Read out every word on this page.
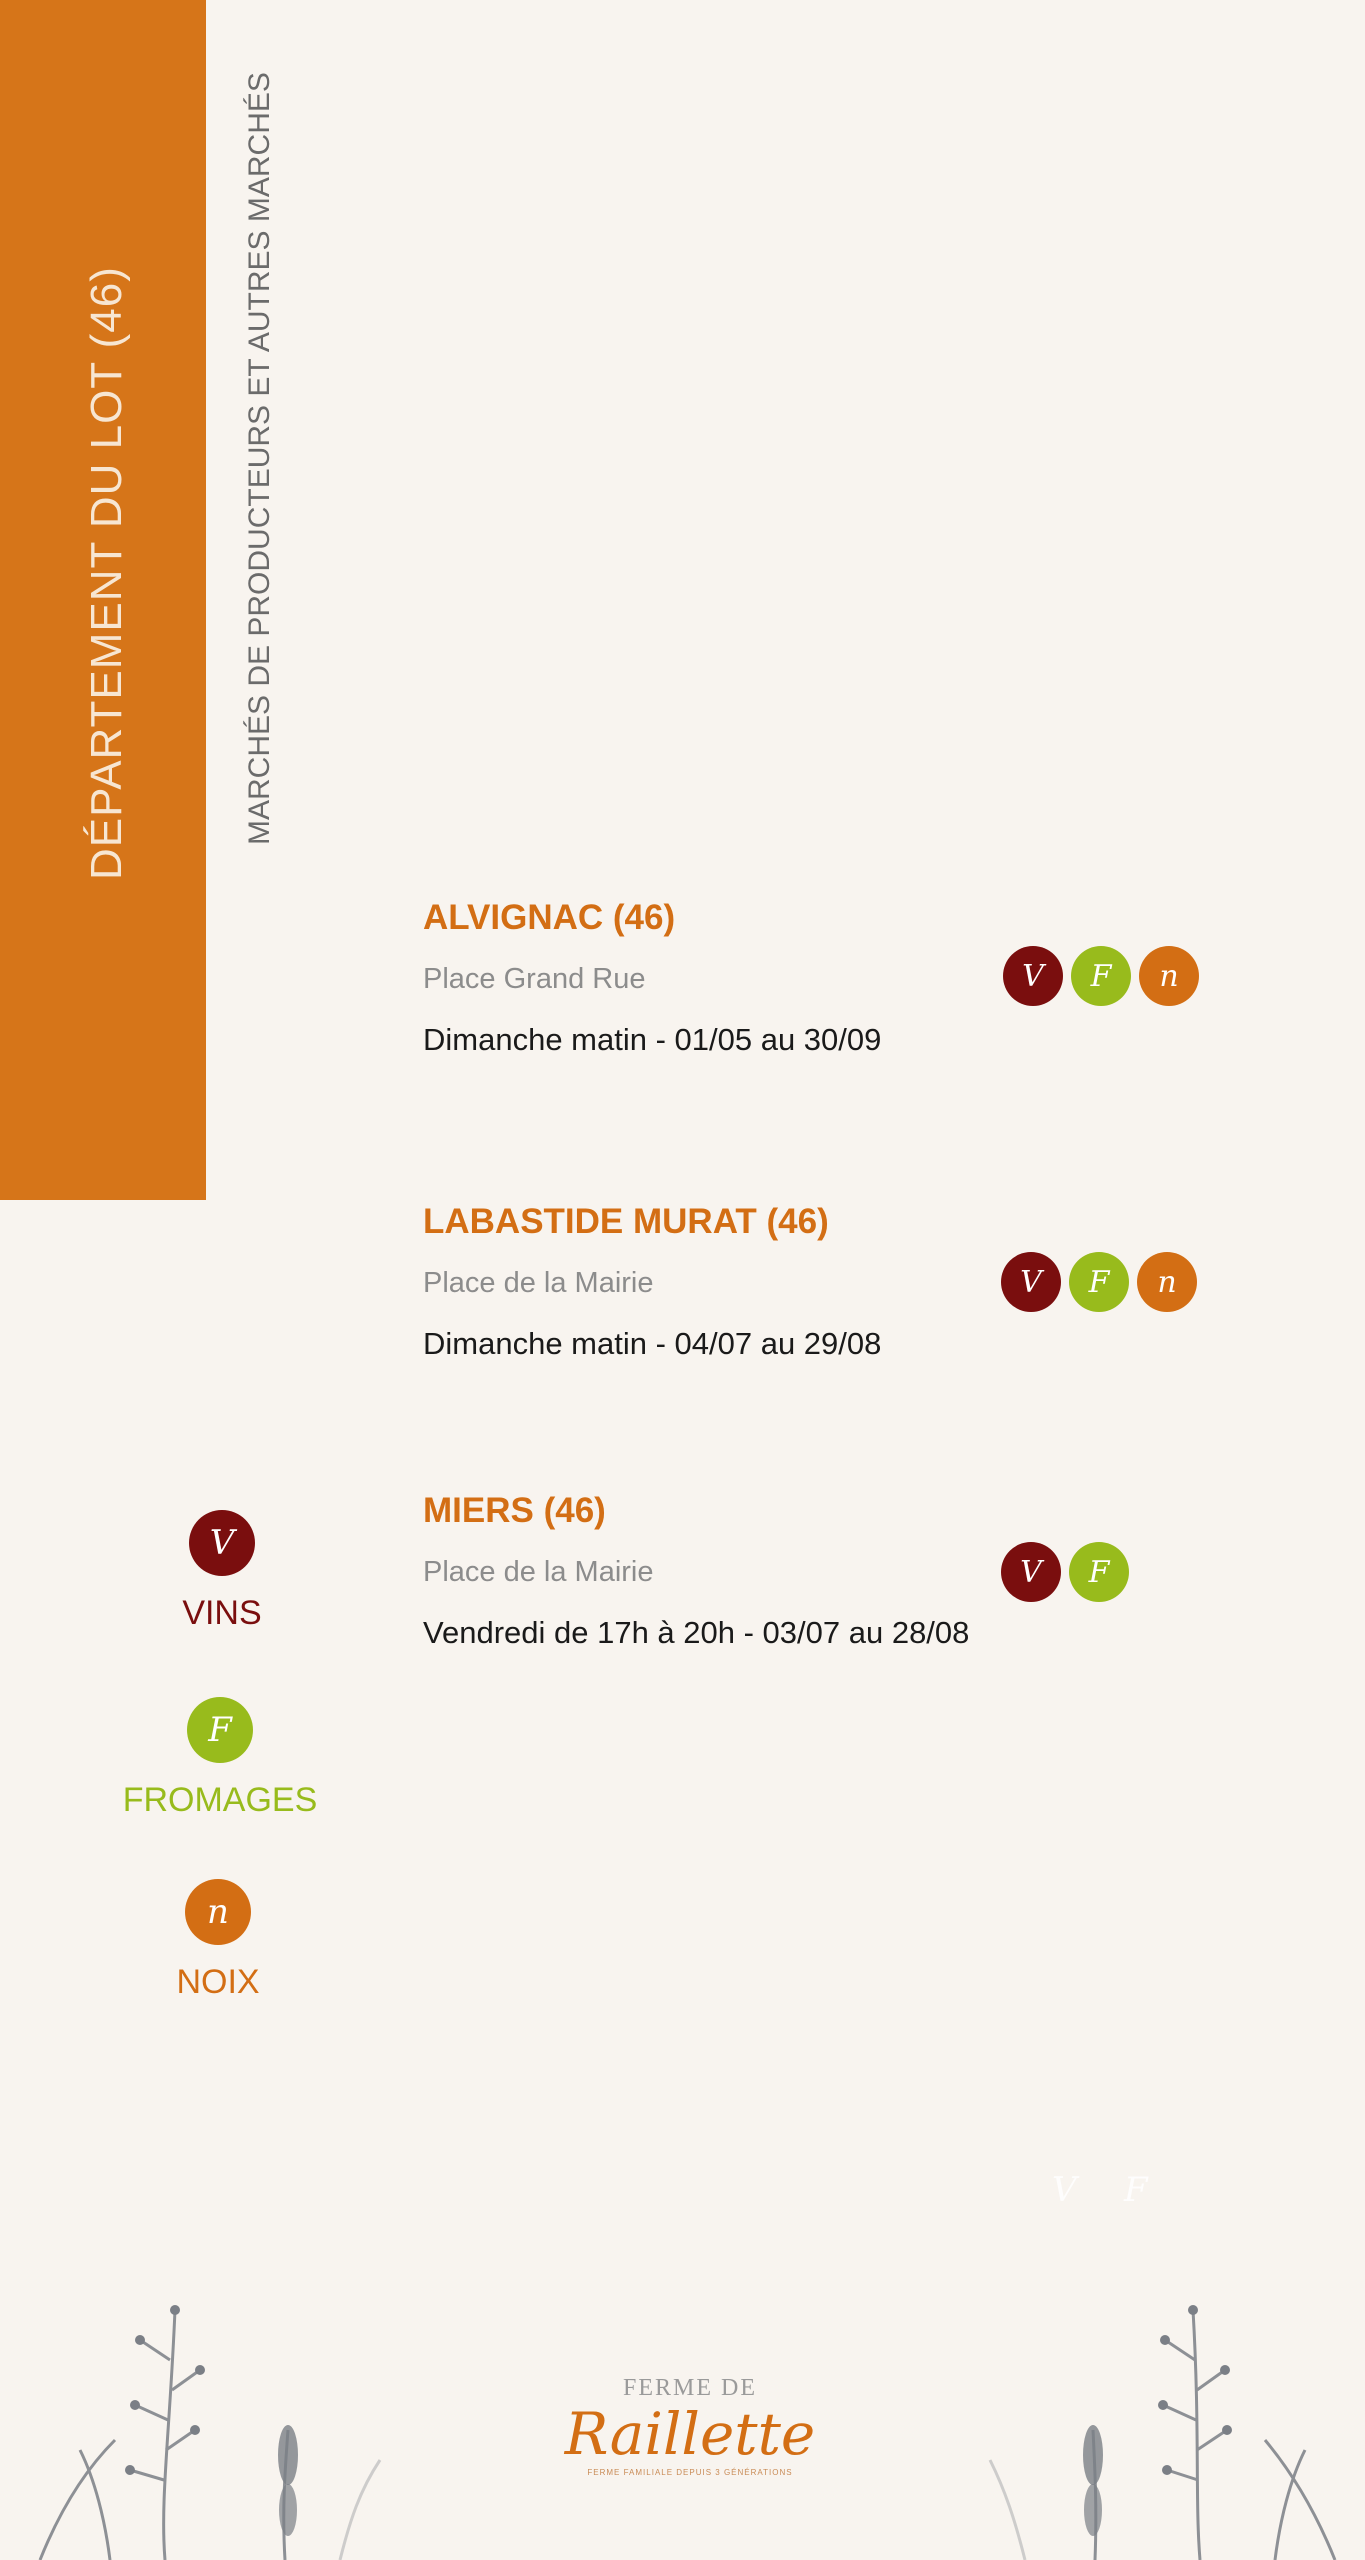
DÉPARTEMENT DU LOT (46)	MARCHÉS DE PRODUCTEURS ET AUTRES MARCHÉS
ALVIGNAC (46)
Place Grand Rue
Dimanche matin - 01/05 au 30/09
V	F	n
LABASTIDE MURAT (46)
Place de la Mairie
Dimanche matin - 04/07 au 29/08
V	F	n
MIERS (46)
Place de la Mairie
Vendredi de 17h à 20h - 03/07 au 28/08
V	F
V
VINS
F
FROMAGES
n
NOIX
V F
FERME DE
Raillette
FERME FAMILIALE DEPUIS 3 GÉNÉRATIONS
